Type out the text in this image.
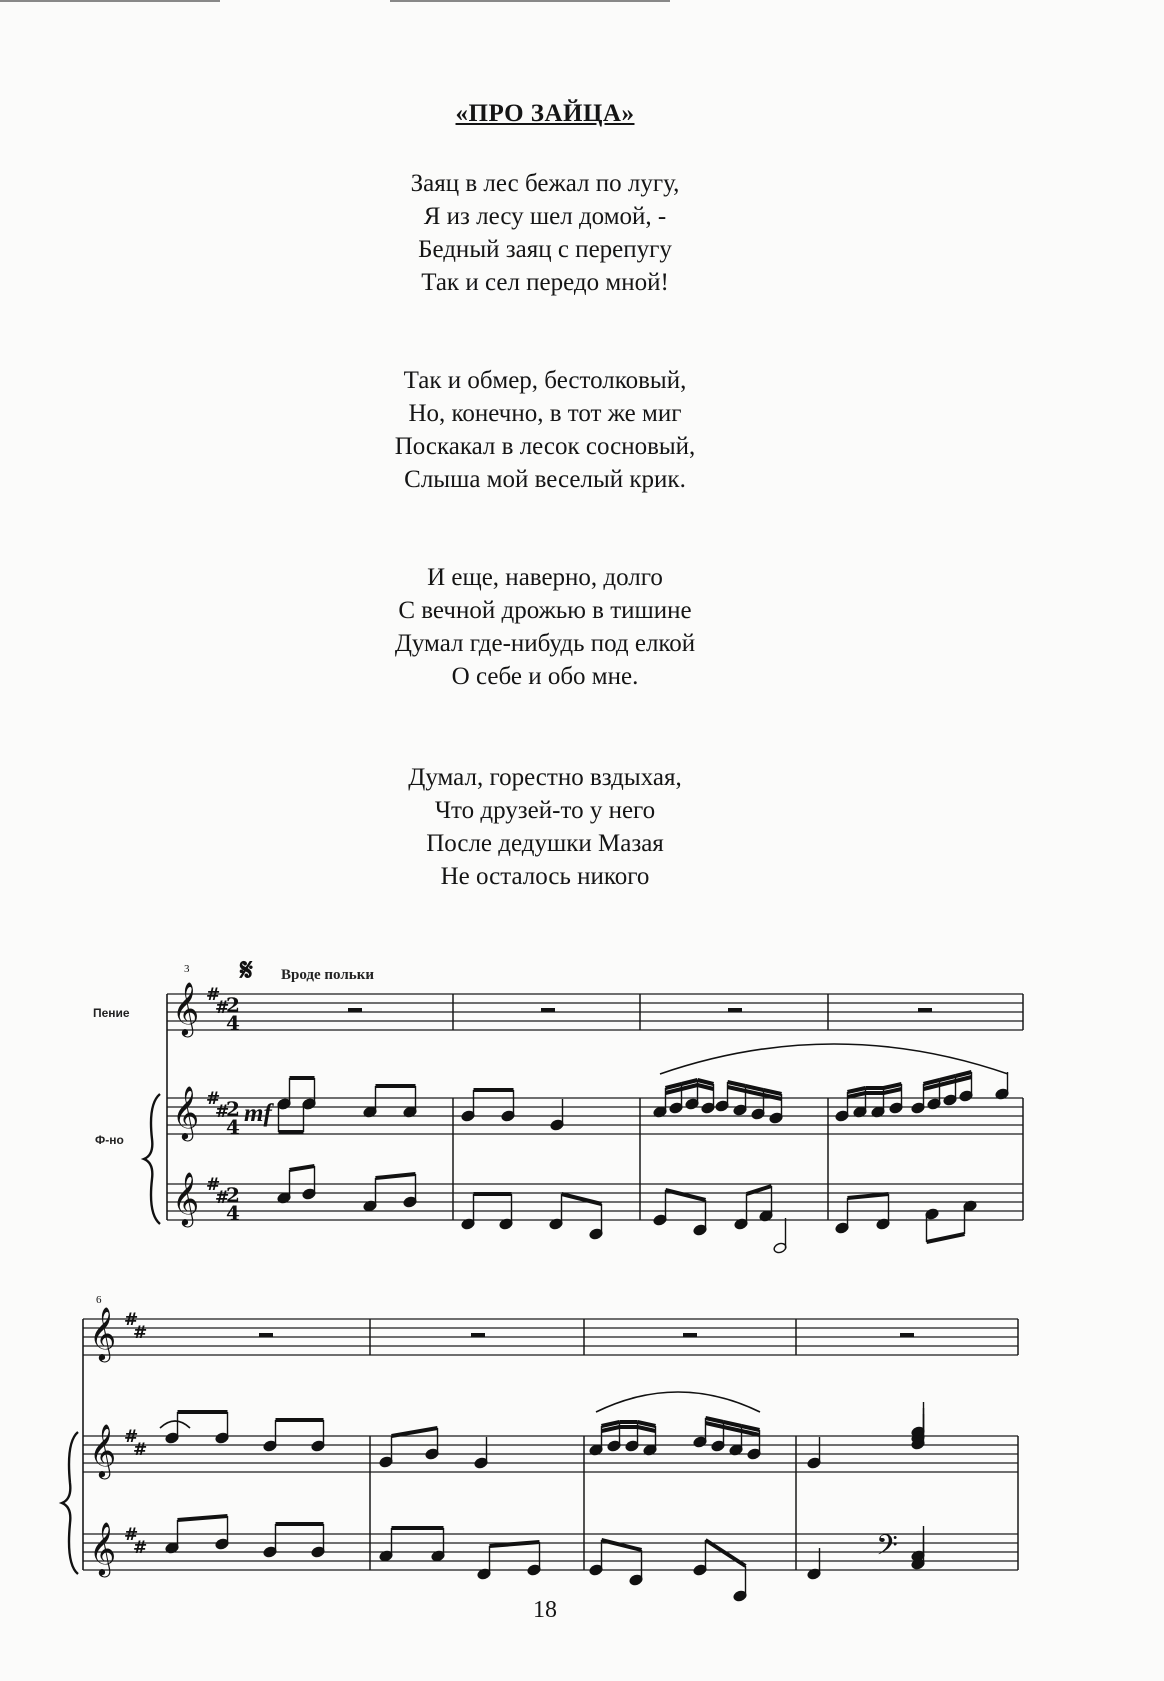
«ПРО ЗАЙЦА»
Заяц в лес бежал по лугу,
Я из лесу шел домой, -
Бедный заяц с перепугу
Так и сел передо мной!
Так и обмер, бестолковый,
Но, конечно, в тот же миг
Поскакал в лесок сосновый,
Слыша мой веселый крик.
И еще, наверно, долго
С вечной дрожью в тишине
Думал где-нибудь под елкой
О себе и обо мне.
Думал, горестно вздыхая,
Что друзей-то у него
После дедушки Мазая
Не осталось никого
𝄞 #
#
2
4
𝄞 #
#
2
4
𝄞 #
#
2
4
𝄞 #
#
𝄞 #
#
𝄞 #
#	𝄢
3
6
𝄋 Вроде польки
Пение
Ф-но
mf
18
